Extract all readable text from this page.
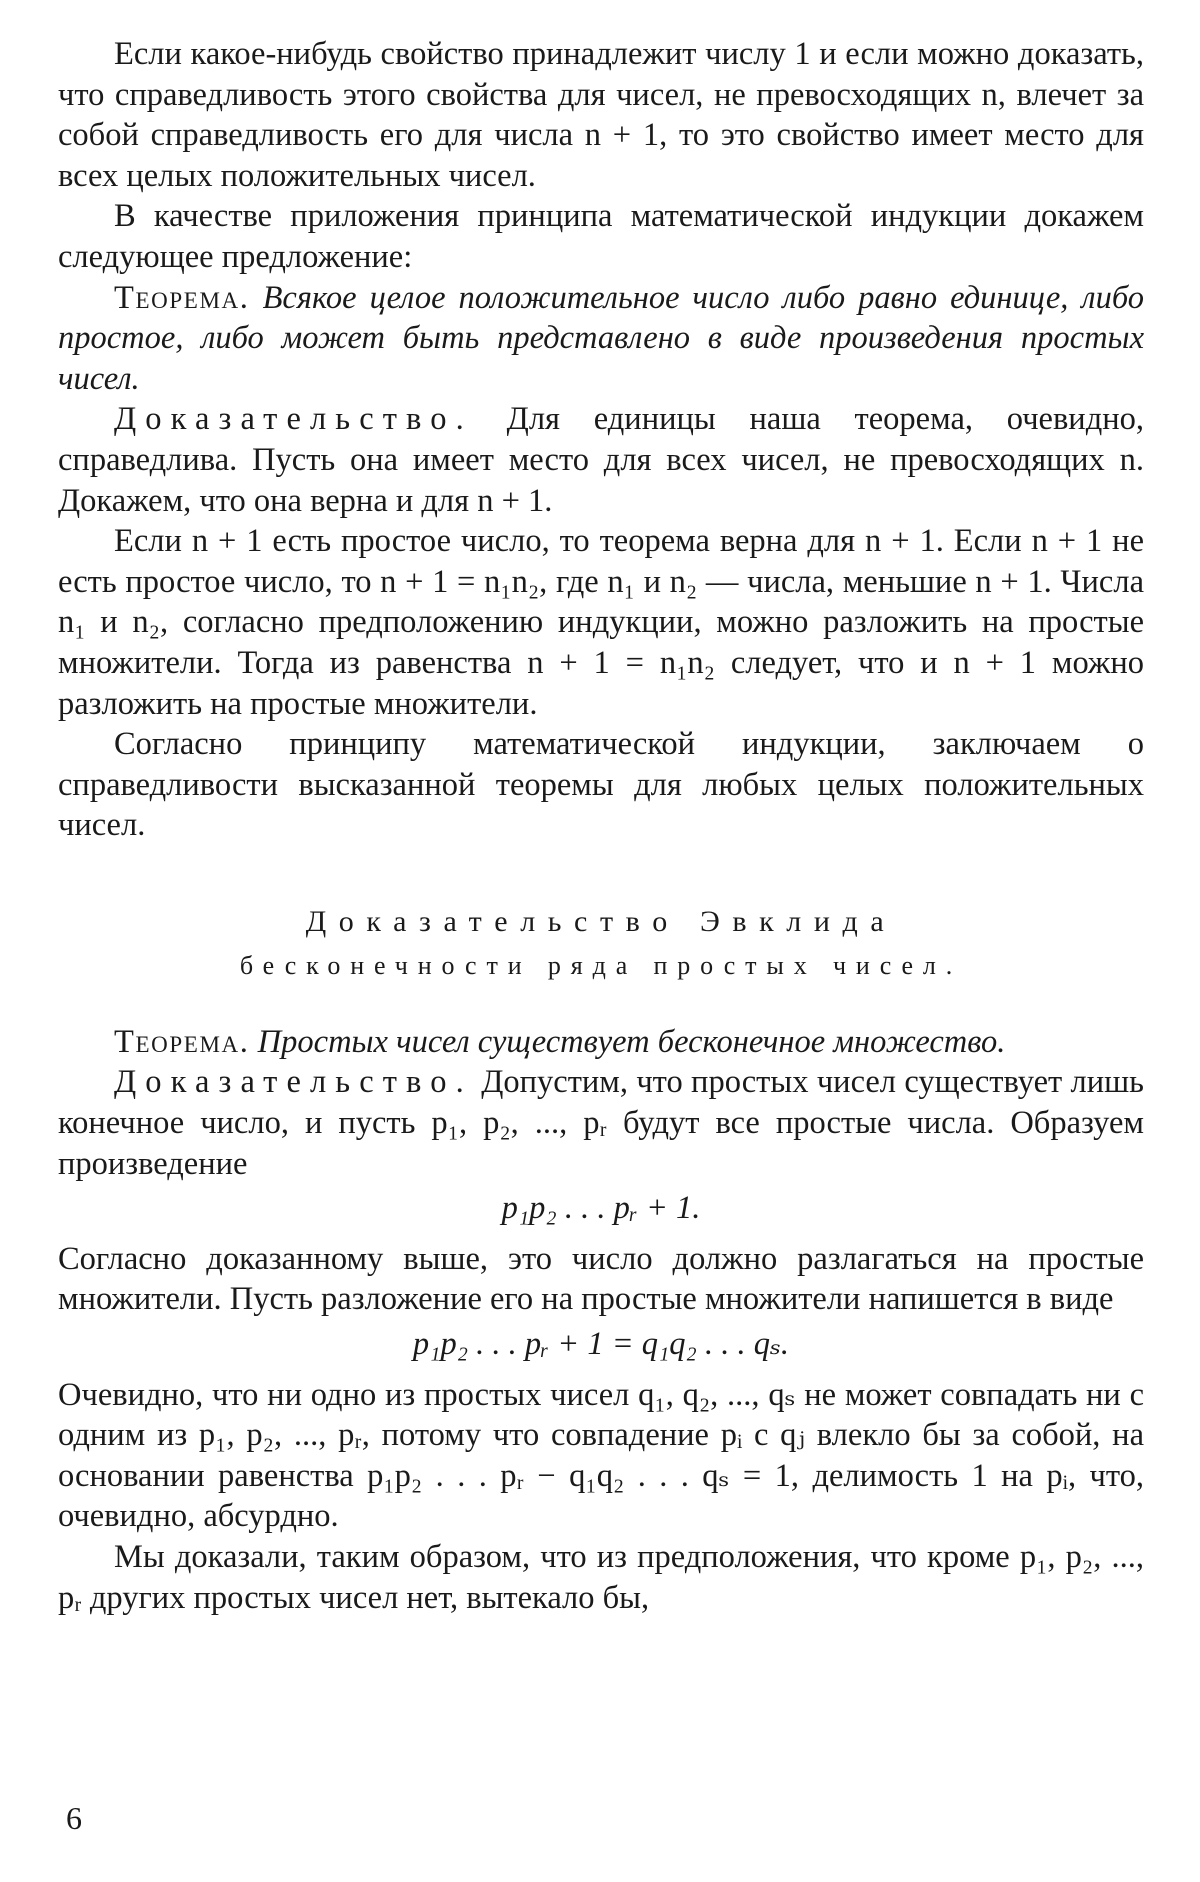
Если какое-нибудь свойство принадлежит числу 1 и если можно доказать, что справедливость этого свойства для чисел, не превосходящих n, влечет за собой справедливость его для числа n + 1, то это свойство имеет место для всех целых положительных чисел.

В качестве приложения принципа математической индукции докажем следующее предложение:

Теорема. Всякое целое положительное число либо равно единице, либо простое, либо может быть представлено в виде произведения простых чисел.

Доказательство. Для единицы наша теорема, очевидно, справедлива. Пусть она имеет место для всех чисел, не превосходящих n. Докажем, что она верна и для n + 1.

Если n + 1 есть простое число, то теорема верна для n + 1. Если n + 1 не есть простое число, то n + 1 = n₁n₂, где n₁ и n₂ — числа, меньшие n + 1. Числа n₁ и n₂, согласно предположению индукции, можно разложить на простые множители. Тогда из равенства n + 1 = n₁n₂ следует, что и n + 1 можно разложить на простые множители.

Согласно принципу математической индукции, заключаем о справедливости высказанной теоремы для любых целых положительных чисел.

Доказательство Эвклида
бесконечности ряда простых чисел.

Теорема. Простых чисел существует бесконечное множество.

Доказательство. Допустим, что простых чисел существует лишь конечное число, и пусть p₁, p₂, ..., pᵣ будут все простые числа. Образуем произведение

p₁p₂ . . . pᵣ + 1.

Согласно доказанному выше, это число должно разлагаться на простые множители. Пусть разложение его на простые множители напишется в виде

p₁p₂ . . . pᵣ + 1 = q₁q₂ . . . qₛ.

Очевидно, что ни одно из простых чисел q₁, q₂, ..., qₛ не может совпадать ни с одним из p₁, p₂, ..., pᵣ, потому что совпадение pᵢ с qⱼ влекло бы за собой, на основании равенства p₁p₂ . . . pᵣ − q₁q₂ . . . qₛ = 1, делимость 1 на pᵢ, что, очевидно, абсурдно.

Мы доказали, таким образом, что из предположения, что кроме p₁, p₂, ..., pᵣ других простых чисел нет, вытекало бы,

6
